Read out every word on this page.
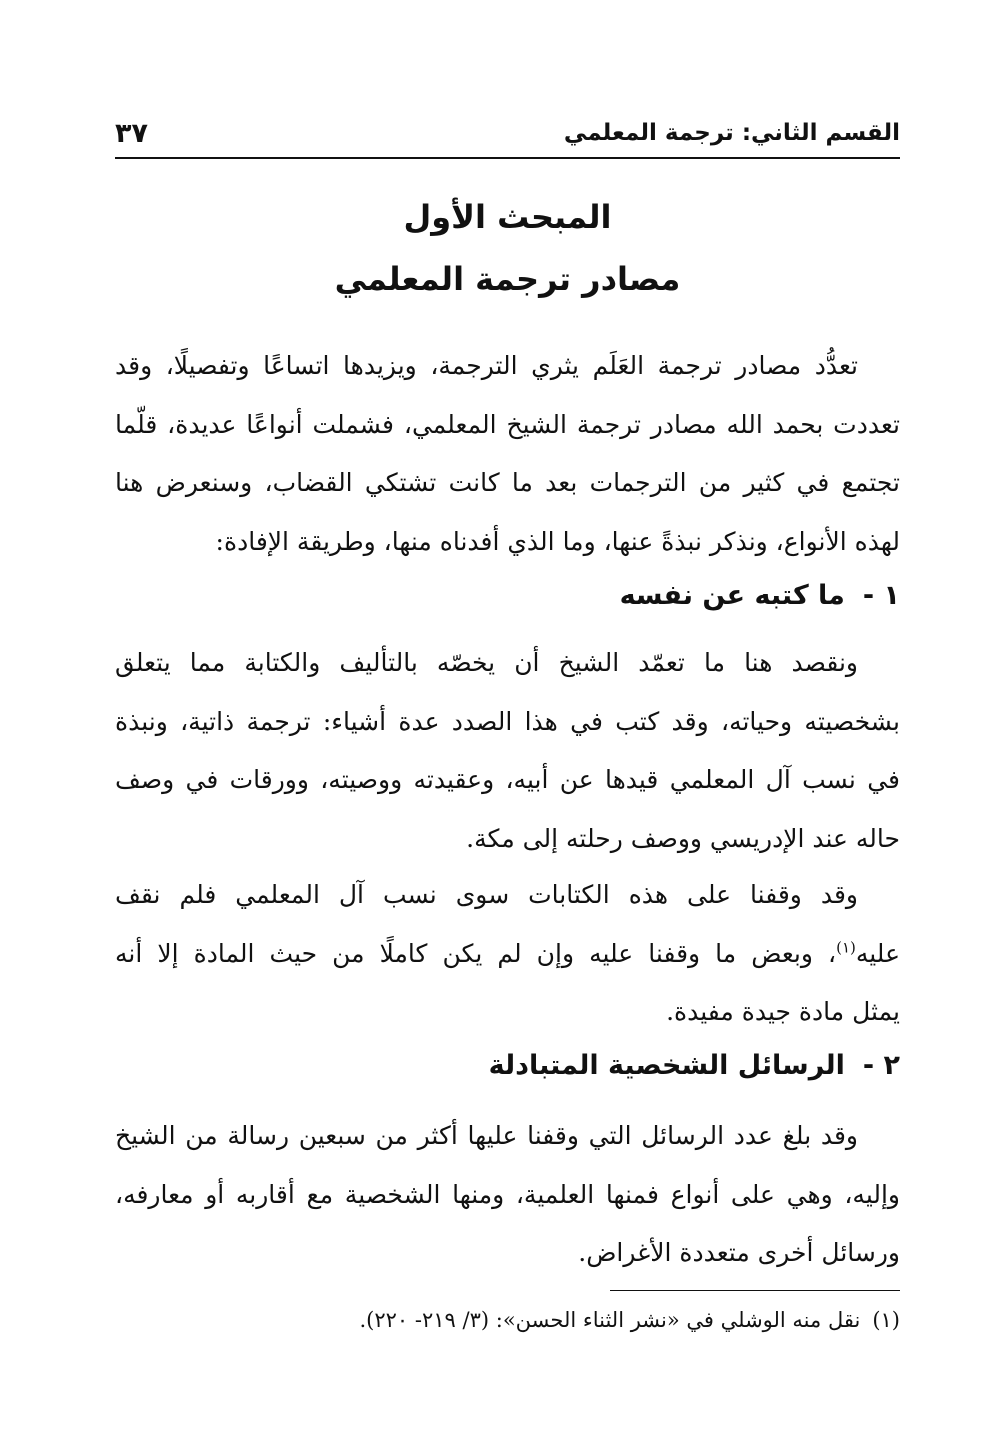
القسم الثاني: ترجمة المعلمي
٣٧
المبحث الأول
مصادر ترجمة المعلمي
تعدُّد مصادر ترجمة العَلَم يثري الترجمة، ويزيدها اتساعًا وتفصيلًا، وقد
تعددت بحمد الله مصادر ترجمة الشيخ المعلمي، فشملت أنواعًا عديدة، قلّما
تجتمع في كثير من الترجمات بعد ما كانت تشتكي القضاب، وسنعرض هنا
لهذه الأنواع، ونذكر نبذةً عنها، وما الذي أفدناه منها، وطريقة الإفادة:
١ -ما كتبه عن نفسه
ونقصد هنا ما تعمّد الشيخ أن يخصّه بالتأليف والكتابة مما يتعلق
بشخصيته وحياته، وقد كتب في هذا الصدد عدة أشياء: ترجمة ذاتية، ونبذة
في نسب آل المعلمي قيدها عن أبيه، وعقيدته ووصيته، وورقات في وصف
حاله عند الإدريسي ووصف رحلته إلى مكة.
وقد وقفنا على هذه الكتابات سوى نسب آل المعلمي فلم نقف
عليه$^{(١)}$، وبعض ما وقفنا عليه وإن لم يكن كاملًا من حيث المادة إلا أنه
يمثل مادة جيدة مفيدة.
٢ -الرسائل الشخصية المتبادلة
وقد بلغ عدد الرسائل التي وقفنا عليها أكثر من سبعين رسالة من الشيخ
وإليه، وهي على أنواع فمنها العلمية، ومنها الشخصية مع أقاربه أو معارفه،
ورسائل أخرى متعددة الأغراض.
(١)نقل منه الوشلي في «نشر الثناء الحسن»: (٣/ ٢١٩- ٢٢٠).
